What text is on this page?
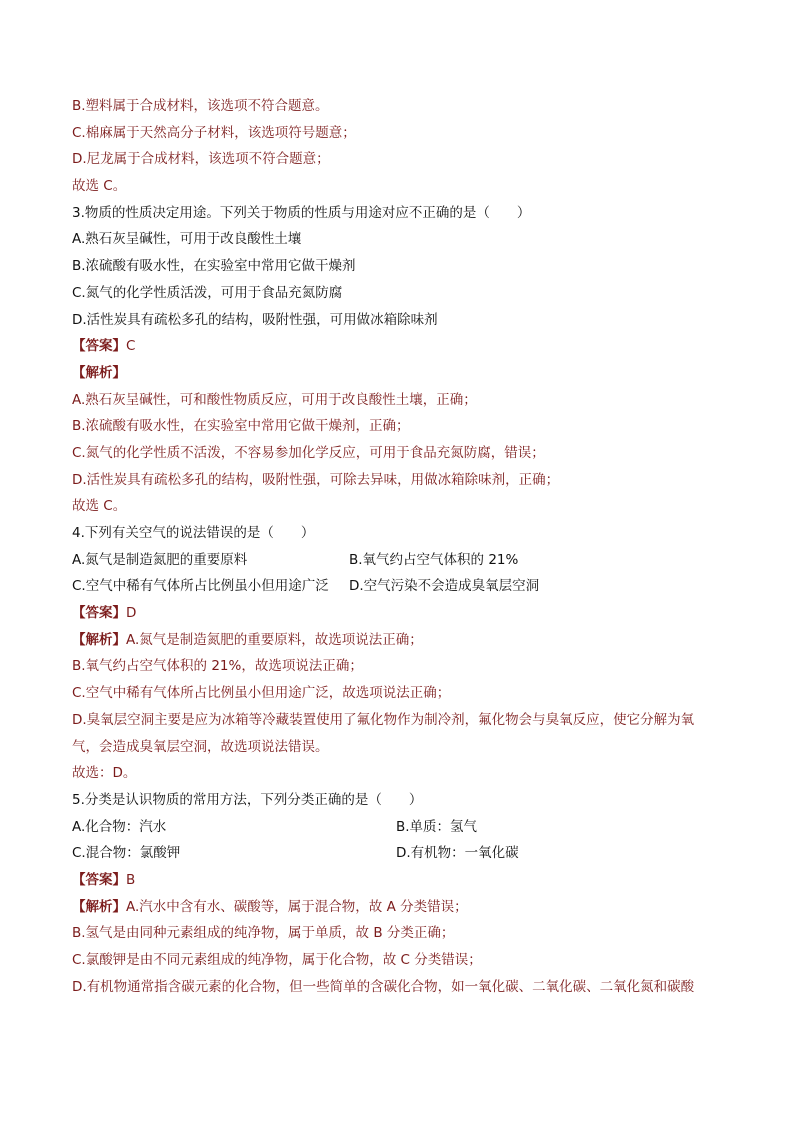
B.塑料属于合成材料，该选项不符合题意。
C.棉麻属于天然高分子材料，该选项符号题意；
D.尼龙属于合成材料，该选项不符合题意；
故选 C。
3.物质的性质决定用途。下列关于物质的性质与用途对应不正确的是（　　）
A.熟石灰呈碱性，可用于改良酸性土壤
B.浓硫酸有吸水性，在实验室中常用它做干燥剂
C.氮气的化学性质活泼，可用于食品充氮防腐
D.活性炭具有疏松多孔的结构，吸附性强，可用做冰箱除味剂
【答案】C
【解析】
A.熟石灰呈碱性，可和酸性物质反应，可用于改良酸性土壤，正确；
B.浓硫酸有吸水性，在实验室中常用它做干燥剂，正确；
C.氮气的化学性质不活泼，不容易参加化学反应，可用于食品充氮防腐，错误；
D.活性炭具有疏松多孔的结构，吸附性强，可除去异味，用做冰箱除味剂，正确；
故选 C。
4.下列有关空气的说法错误的是（　　）
A.氮气是制造氮肥的重要原料	B.氧气约占空气体积的 21%
C.空气中稀有气体所占比例虽小但用途广泛	D.空气污染不会造成臭氧层空洞
【答案】D
【解析】A.氮气是制造氮肥的重要原料，故选项说法正确；
B.氧气约占空气体积的 21%，故选项说法正确；
C.空气中稀有气体所占比例虽小但用途广泛，故选项说法正确；
D.臭氧层空洞主要是应为冰箱等冷藏装置使用了氟化物作为制冷剂，氟化物会与臭氧反应，使它分解为氧
气，会造成臭氧层空洞，故选项说法错误。
故选：D。
5.分类是认识物质的常用方法，下列分类正确的是（　　）
A.化合物：汽水	B.单质：氢气
C.混合物：氯酸钾	D.有机物：一氧化碳
【答案】B
【解析】A.汽水中含有水、碳酸等，属于混合物，故 A 分类错误；
B.氢气是由同种元素组成的纯净物，属于单质，故 B 分类正确；
C.氯酸钾是由不同元素组成的纯净物，属于化合物，故 C 分类错误；
D.有机物通常指含碳元素的化合物，但一些简单的含碳化合物，如一氧化碳、二氧化碳、二氧化氮和碳酸
